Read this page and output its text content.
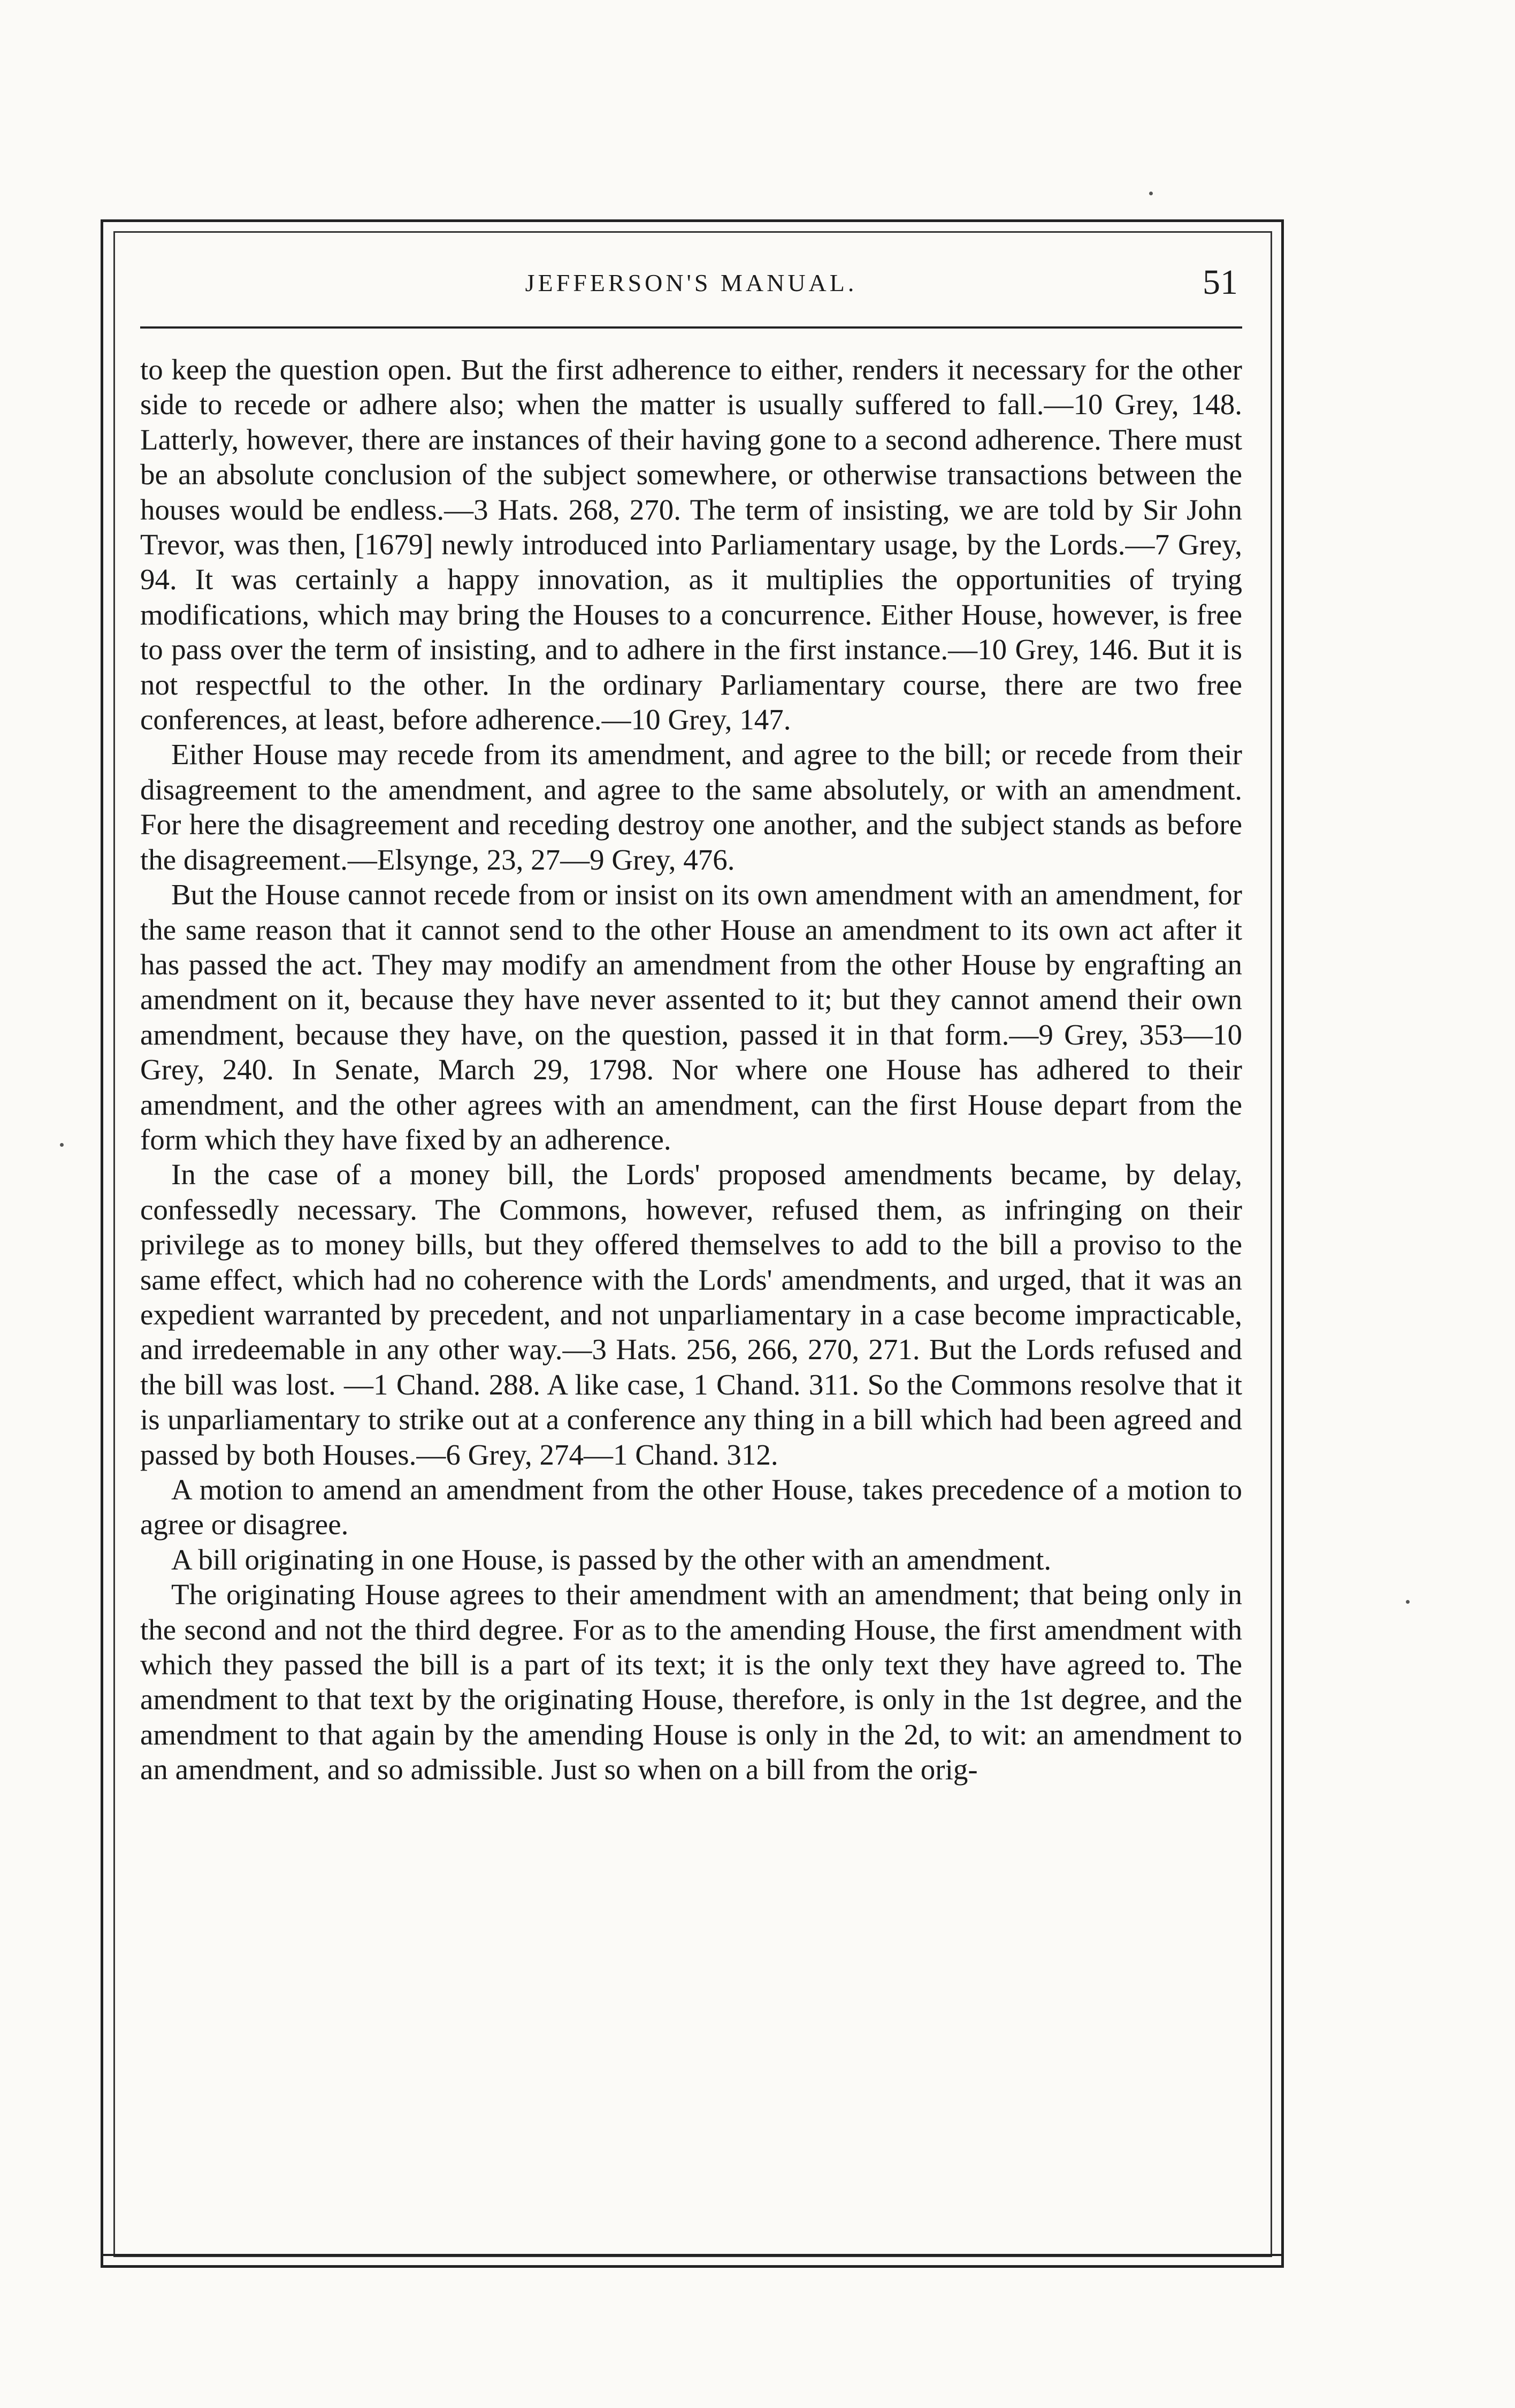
JEFFERSON'S MANUAL.	51

to keep the question open. But the first adherence to either, renders it necessary for the other side to recede or adhere also; when the matter is usually suffered to fall.—10 Grey, 148. Latterly, however, there are instances of their having gone to a second adherence. There must be an absolute conclusion of the subject somewhere, or otherwise transactions between the houses would be endless.—3 Hats. 268, 270. The term of insisting, we are told by Sir John Trevor, was then, [1679] newly introduced into Parliamentary usage, by the Lords.—7 Grey, 94. It was certainly a happy innovation, as it multiplies the opportunities of trying modifications, which may bring the Houses to a concurrence. Either House, however, is free to pass over the term of insisting, and to adhere in the first instance.—10 Grey, 146. But it is not respectful to the other. In the ordinary Parliamentary course, there are two free conferences, at least, before adherence.—10 Grey, 147.

Either House may recede from its amendment, and agree to the bill; or recede from their disagreement to the amendment, and agree to the same absolutely, or with an amendment. For here the disagreement and receding destroy one another, and the subject stands as before the disagreement.—Elsynge, 23, 27—9 Grey, 476.

But the House cannot recede from or insist on its own amendment with an amendment, for the same reason that it cannot send to the other House an amendment to its own act after it has passed the act. They may modify an amendment from the other House by engrafting an amendment on it, because they have never assented to it; but they cannot amend their own amendment, because they have, on the question, passed it in that form.—9 Grey, 353—10 Grey, 240. In Senate, March 29, 1798. Nor where one House has adhered to their amendment, and the other agrees with an amendment, can the first House depart from the form which they have fixed by an adherence.

In the case of a money bill, the Lords' proposed amendments became, by delay, confessedly necessary. The Commons, however, refused them, as infringing on their privilege as to money bills, but they offered themselves to add to the bill a proviso to the same effect, which had no coherence with the Lords' amendments, and urged, that it was an expedient warranted by precedent, and not unparliamentary in a case become impracticable, and irredeemable in any other way.—3 Hats. 256, 266, 270, 271. But the Lords refused and the bill was lost. —1 Chand. 288. A like case, 1 Chand. 311. So the Commons resolve that it is unparliamentary to strike out at a conference any thing in a bill which had been agreed and passed by both Houses.—6 Grey, 274—1 Chand. 312.

A motion to amend an amendment from the other House, takes precedence of a motion to agree or disagree.

A bill originating in one House, is passed by the other with an amendment.

The originating House agrees to their amendment with an amendment; that being only in the second and not the third degree. For as to the amending House, the first amendment with which they passed the bill is a part of its text; it is the only text they have agreed to. The amendment to that text by the originating House, therefore, is only in the 1st degree, and the amendment to that again by the amending House is only in the 2d, to wit: an amendment to an amendment, and so admissible. Just so when on a bill from the orig-
